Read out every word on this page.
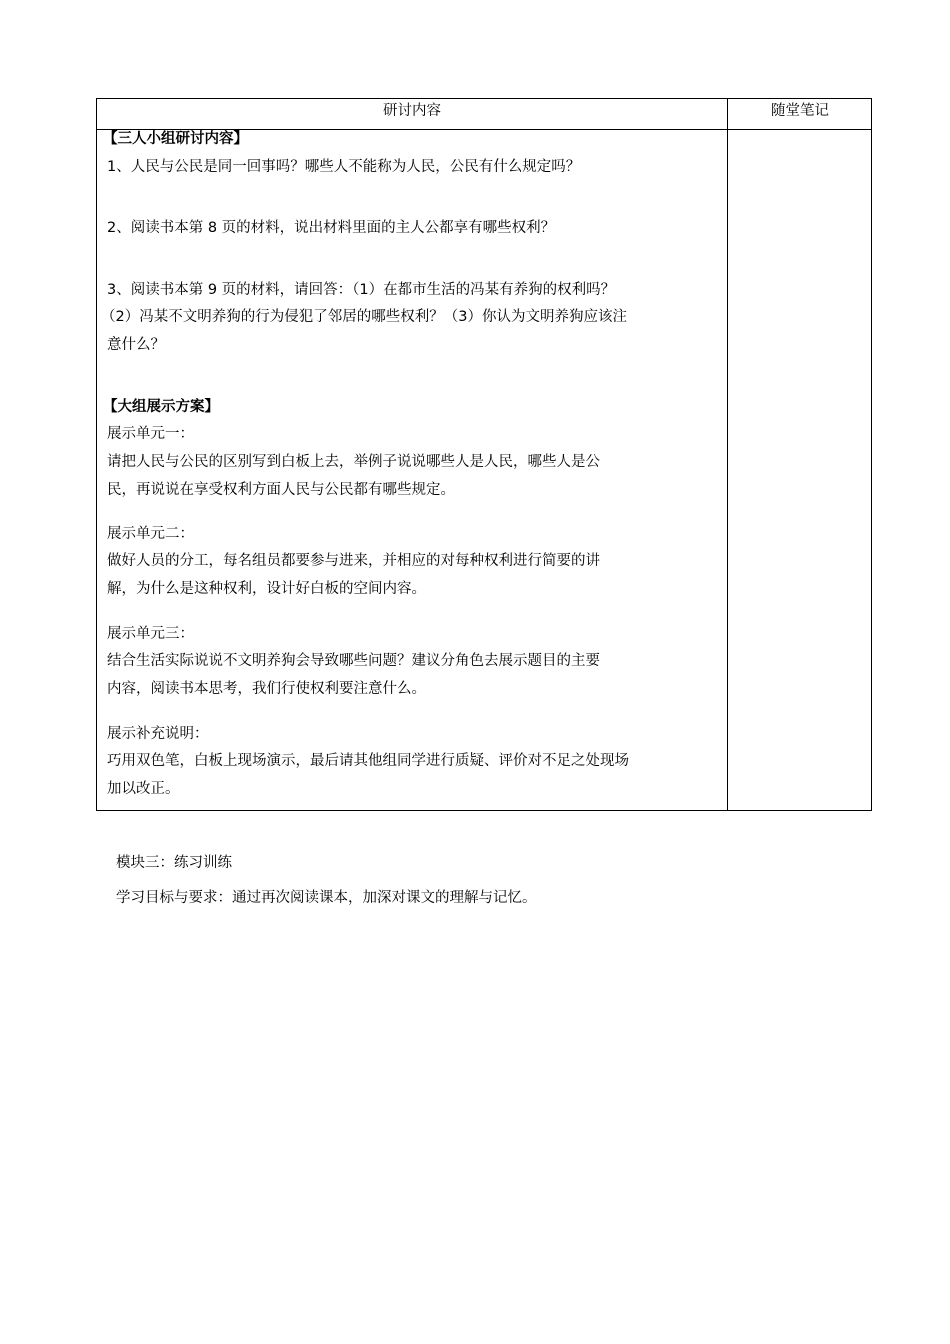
研讨内容	随堂笔记
【三人小组研讨内容】
1、人民与公民是同一回事吗？哪些人不能称为人民，公民有什么规定吗？
2、阅读书本第 8 页的材料，说出材料里面的主人公都享有哪些权利？
3、阅读书本第 9 页的材料，请回答：（1）在都市生活的冯某有养狗的权利吗？
（2）冯某不文明养狗的行为侵犯了邻居的哪些权利？（3）你认为文明养狗应该注
意什么？
【大组展示方案】
展示单元一：
请把人民与公民的区别写到白板上去，举例子说说哪些人是人民，哪些人是公
民，再说说在享受权利方面人民与公民都有哪些规定。
展示单元二：
做好人员的分工，每名组员都要参与进来，并相应的对每种权利进行简要的讲
解，为什么是这种权利，设计好白板的空间内容。
展示单元三：
结合生活实际说说不文明养狗会导致哪些问题？建议分角色去展示题目的主要
内容，阅读书本思考，我们行使权利要注意什么。
展示补充说明：
巧用双色笔，白板上现场演示，最后请其他组同学进行质疑、评价对不足之处现场
加以改正。
模块三：练习训练
学习目标与要求：通过再次阅读课本，加深对课文的理解与记忆。
